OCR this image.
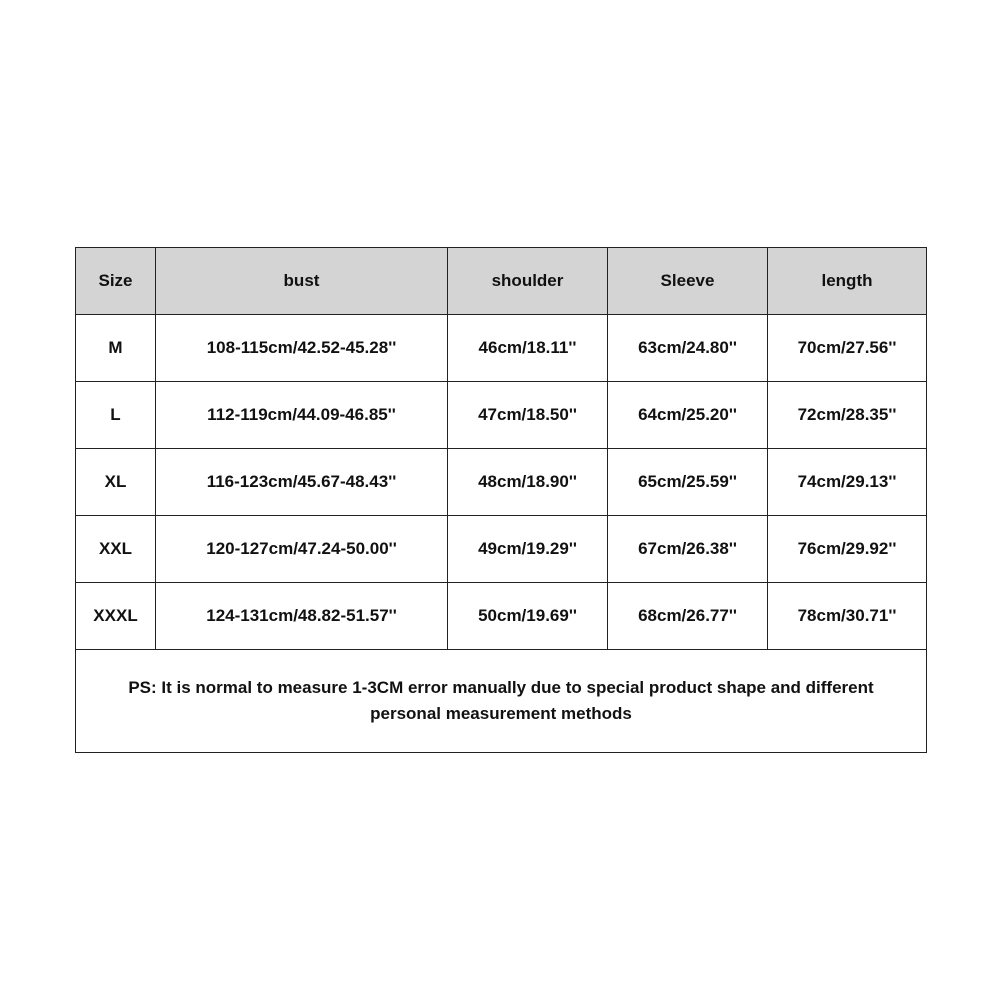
Size	bust	shoulder	Sleeve	length
M	108-115cm/42.52-45.28''	46cm/18.11''	63cm/24.80''	70cm/27.56''
L	112-119cm/44.09-46.85''	47cm/18.50''	64cm/25.20''	72cm/28.35''
XL	116-123cm/45.67-48.43''	48cm/18.90''	65cm/25.59''	74cm/29.13''
XXL	120-127cm/47.24-50.00''	49cm/19.29''	67cm/26.38''	76cm/29.92''
XXXL	124-131cm/48.82-51.57''	50cm/19.69''	68cm/26.77''	78cm/30.71''
PS: It is normal to measure 1-3CM error manually due to special product shape and different
personal measurement methods				
